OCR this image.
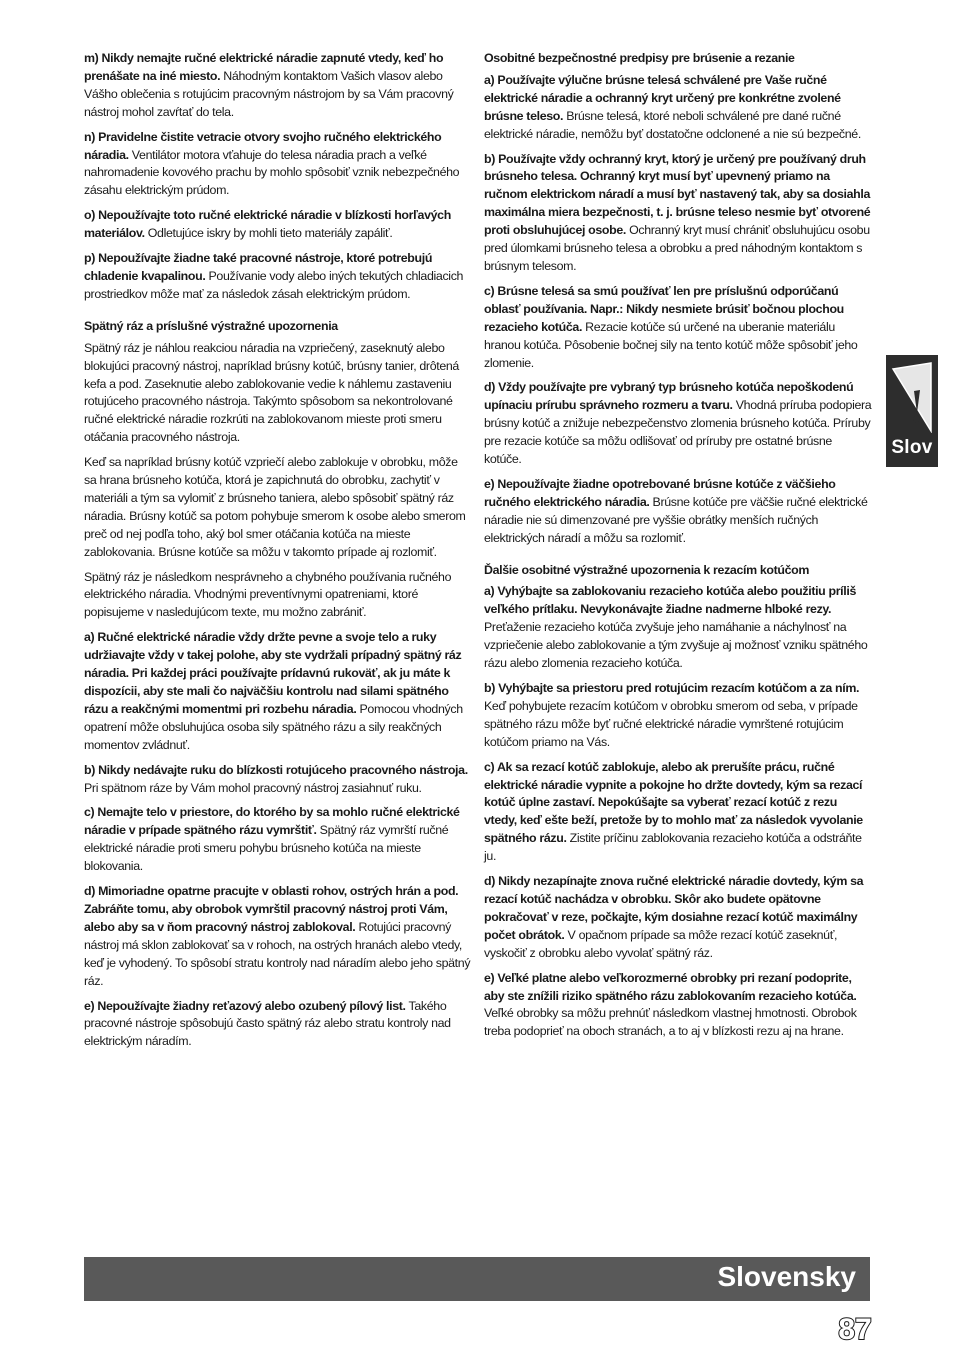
m) Nikdy nemajte ručné elektrické náradie zapnuté vtedy, keď ho prenášate na iné miesto. Náhodným kontaktom Vašich vlasov alebo Vášho oblečenia s rotujúcim pracovným nástrojom by sa Vám pracovný nástroj mohol zavŕtať do tela.

n) Pravidelne čistite vetracie otvory svojho ručného elektrického náradia. Ventilátor motora vťahuje do telesa náradia prach a veľké nahromadenie kovového prachu by mohlo spôsobiť vznik nebezpečného zásahu elektrickým prúdom.

o) Nepoužívajte toto ručné elektrické náradie v blízkosti horľavých materiálov. Odletujúce iskry by mohli tieto materiály zapáliť.

p) Nepoužívajte žiadne také pracovné nástroje, ktoré potrebujú chladenie kvapalinou. Používanie vody alebo iných tekutých chladiacich prostriedkov môže mať za následok zásah elektrickým prúdom.

Spätný ráz a príslušné výstražné upozornenia

Spätný ráz je náhlou reakciou náradia na vzpriečený, zaseknutý alebo blokujúci pracovný nástroj, napríklad brúsny kotúč, brúsny tanier, drôtená kefa a pod. Zaseknutie alebo zablokovanie vedie k náhlemu zastaveniu rotujúceho pracovného nástroja. Takýmto spôsobom sa nekontrolované ručné elektrické náradie rozkrúti na zablokovanom mieste proti smeru otáčania pracovného nástroja.

Keď sa napríklad brúsny kotúč vzpriečí alebo zablokuje v obrobku, môže sa hrana brúsneho kotúča, ktorá je zapichnutá do obrobku, zachytiť v materiáli a tým sa vylomiť z brúsneho taniera, alebo spôsobiť spätný ráz náradia. Brúsny kotúč sa potom pohybuje smerom k osobe alebo smerom preč od nej podľa toho, aký bol smer otáčania kotúča na mieste zablokovania. Brúsne kotúče sa môžu v takomto prípade aj rozlomiť.

Spätný ráz je následkom nesprávneho a chybného používania ručného elektrického náradia. Vhodnými preventívnymi opatreniami, ktoré popisujeme v nasledujúcom texte, mu možno zabrániť.

a) Ručné elektrické náradie vždy držte pevne a svoje telo a ruky udržiavajte vždy v takej polohe, aby ste vydržali prípadný spätný ráz náradia. Pri každej práci používajte prídavnú rukoväť, ak ju máte k dispozícii, aby ste mali čo najväčšiu kontrolu nad silami spätného rázu a reakčnými momentmi pri rozbehu náradia. Pomocou vhodných opatrení môže obsluhujúca osoba sily spätného rázu a sily reakčných momentov zvládnuť.

b) Nikdy nedávajte ruku do blízkosti rotujúceho pracovného nástroja. Pri spätnom ráze by Vám mohol pracovný nástroj zasiahnuť ruku.

c) Nemajte telo v priestore, do ktorého by sa mohlo ručné elektrické náradie v prípade spätného rázu vymrštiť. Spätný ráz vymrští ručné elektrické náradie proti smeru pohybu brúsneho kotúča na mieste blokovania.

d) Mimoriadne opatrne pracujte v oblasti rohov, ostrých hrán a pod. Zabráňte tomu, aby obrobok vymrštil pracovný nástroj proti Vám, alebo aby sa v ňom pracovný nástroj zablokoval. Rotujúci pracovný nástroj má sklon zablokovať sa v rohoch, na ostrých hranách alebo vtedy, keď je vyhodený. To spôsobí stratu kontroly nad náradím alebo jeho spätný ráz.

e) Nepoužívajte žiadny reťazový alebo ozubený pílový list. Takého pracovné nástroje spôsobujú často spätný ráz alebo stratu kontroly nad elektrickým náradím.

Osobitné bezpečnostné predpisy pre brúsenie a rezanie

a) Používajte výlučne brúsne telesá schválené pre Vaše ručné elektrické náradie a ochranný kryt určený pre konkrétne zvolené brúsne teleso. Brúsne telesá, ktoré neboli schválené pre dané ručné elektrické náradie, nemôžu byť dostatočne odclonené a nie sú bezpečné.

b) Používajte vždy ochranný kryt, ktorý je určený pre používaný druh brúsneho telesa. Ochranný kryt musí byť upevnený priamo na ručnom elektrickom náradí a musí byť nastavený tak, aby sa dosiahla maximálna miera bezpečnosti, t. j. brúsne teleso nesmie byť otvorené proti obsluhujúcej osobe. Ochranný kryt musí chrániť obsluhujúcu osobu pred úlomkami brúsneho telesa a obrobku a pred náhodným kontaktom s brúsnym telesom.

c) Brúsne telesá sa smú používať len pre príslušnú odporúčanú oblasť používania. Napr.: Nikdy nesmiete brúsiť bočnou plochou rezacieho kotúča. Rezacie kotúče sú určené na uberanie materiálu hranou kotúča. Pôsobenie bočnej sily na tento kotúč môže spôsobiť jeho zlomenie.

d) Vždy používajte pre vybraný typ brúsneho kotúča nepoškodenú upínaciu prírubu správneho rozmeru a tvaru. Vhodná príruba podopiera brúsny kotúč a znižuje nebezpečenstvo zlomenia brúsneho kotúča. Príruby pre rezacie kotúče sa môžu odlišovať od príruby pre ostatné brúsne kotúče.

e) Nepoužívajte žiadne opotrebované brúsne kotúče z väčšieho ručného elektrického náradia. Brúsne kotúče pre väčšie ručné elektrické náradie nie sú dimenzované pre vyššie obrátky menších ručných elektrických náradí a môžu sa rozlomiť.

Ďalšie osobitné výstražné upozornenia k rezacím kotúčom

a) Vyhýbajte sa zablokovaniu rezacieho kotúča alebo použitiu príliš veľkého prítlaku. Nevykonávajte žiadne nadmerne hlboké rezy. Preťaženie rezacieho kotúča zvyšuje jeho namáhanie a náchylnosť na vzpriečenie alebo zablokovanie a tým zvyšuje aj možnosť vzniku spätného rázu alebo zlomenia rezacieho kotúča.

b) Vyhýbajte sa priestoru pred rotujúcim rezacím kotúčom a za ním. Keď pohybujete rezacím kotúčom v obrobku smerom od seba, v prípade spätného rázu môže byť ručné elektrické náradie vymrštené rotujúcim kotúčom priamo na Vás.

c) Ak sa rezací kotúč zablokuje, alebo ak prerušíte prácu, ručné elektrické náradie vypnite a pokojne ho držte dovtedy, kým sa rezací kotúč úplne zastaví. Nepokúšajte sa vyberať rezací kotúč z rezu vtedy, keď ešte beží, pretože by to mohlo mať za následok vyvolanie spätného rázu. Zistite príčinu zablokovania rezacieho kotúča a odstráňte ju.

d) Nikdy nezapínajte znova ručné elektrické náradie dovtedy, kým sa rezací kotúč nachádza v obrobku. Skôr ako budete opätovne pokračovať v reze, počkajte, kým dosiahne rezací kotúč maximálny počet obrátok. V opačnom prípade sa môže rezací kotúč zaseknúť, vyskočiť z obrobku alebo vyvolať spätný ráz.

e) Veľké platne alebo veľkorozmerné obrobky pri rezaní podoprite, aby ste znížili riziko spätného rázu zablokovaním rezacieho kotúča. Veľké obrobky sa môžu prehnúť následkom vlastnej hmotnosti. Obrobok treba podoprieť na oboch stranách, a to aj v blízkosti rezu aj na hrane.

Slov
Slovensky
87
